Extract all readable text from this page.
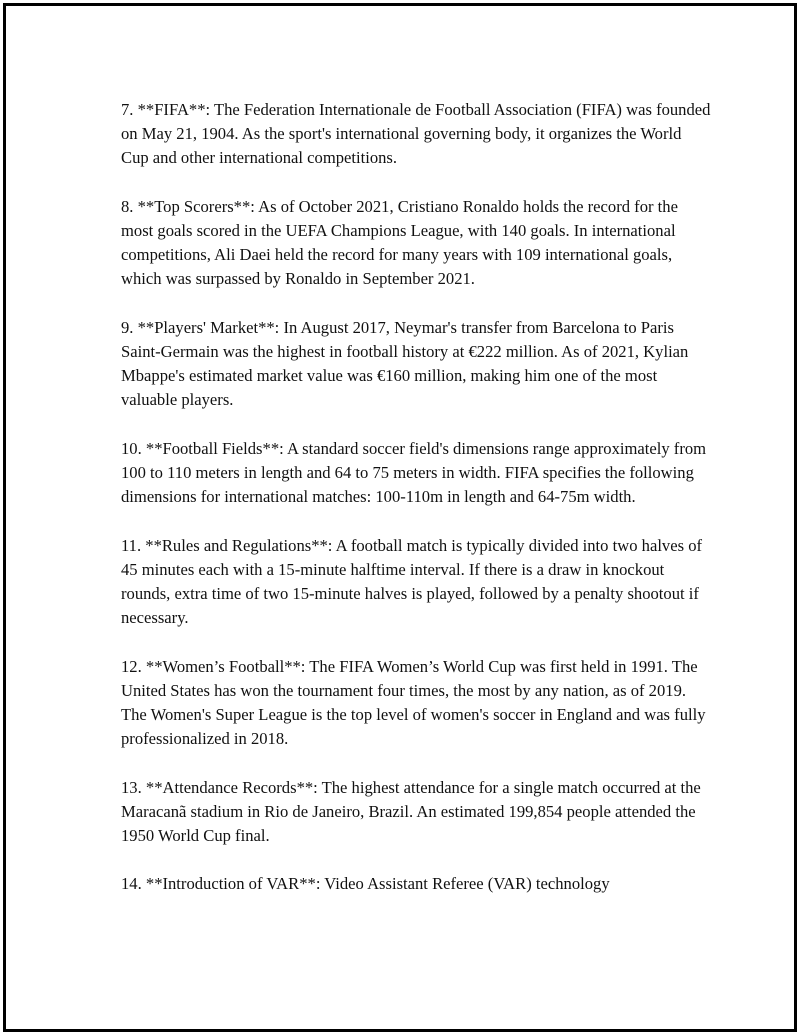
7. **FIFA**: The Federation Internationale de Football Association (FIFA) was founded on May 21, 1904. As the sport's international governing body, it organizes the World Cup and other international competitions.

8. **Top Scorers**: As of October 2021, Cristiano Ronaldo holds the record for the most goals scored in the UEFA Champions League, with 140 goals. In international competitions, Ali Daei held the record for many years with 109 international goals, which was surpassed by Ronaldo in September 2021.

9. **Players' Market**: In August 2017, Neymar's transfer from Barcelona to Paris Saint-Germain was the highest in football history at €222 million. As of 2021, Kylian Mbappe's estimated market value was €160 million, making him one of the most valuable players.

10. **Football Fields**: A standard soccer field's dimensions range approximately from 100 to 110 meters in length and 64 to 75 meters in width. FIFA specifies the following dimensions for international matches: 100-110m in length and 64-75m width.

11. **Rules and Regulations**: A football match is typically divided into two halves of 45 minutes each with a 15-minute halftime interval. If there is a draw in knockout rounds, extra time of two 15-minute halves is played, followed by a penalty shootout if necessary.

12. **Women’s Football**: The FIFA Women’s World Cup was first held in 1991. The United States has won the tournament four times, the most by any nation, as of 2019. The Women's Super League is the top level of women's soccer in England and was fully professionalized in 2018.

13. **Attendance Records**: The highest attendance for a single match occurred at the Maracanã stadium in Rio de Janeiro, Brazil. An estimated 199,854 people attended the 1950 World Cup final.

14. **Introduction of VAR**: Video Assistant Referee (VAR) technology
